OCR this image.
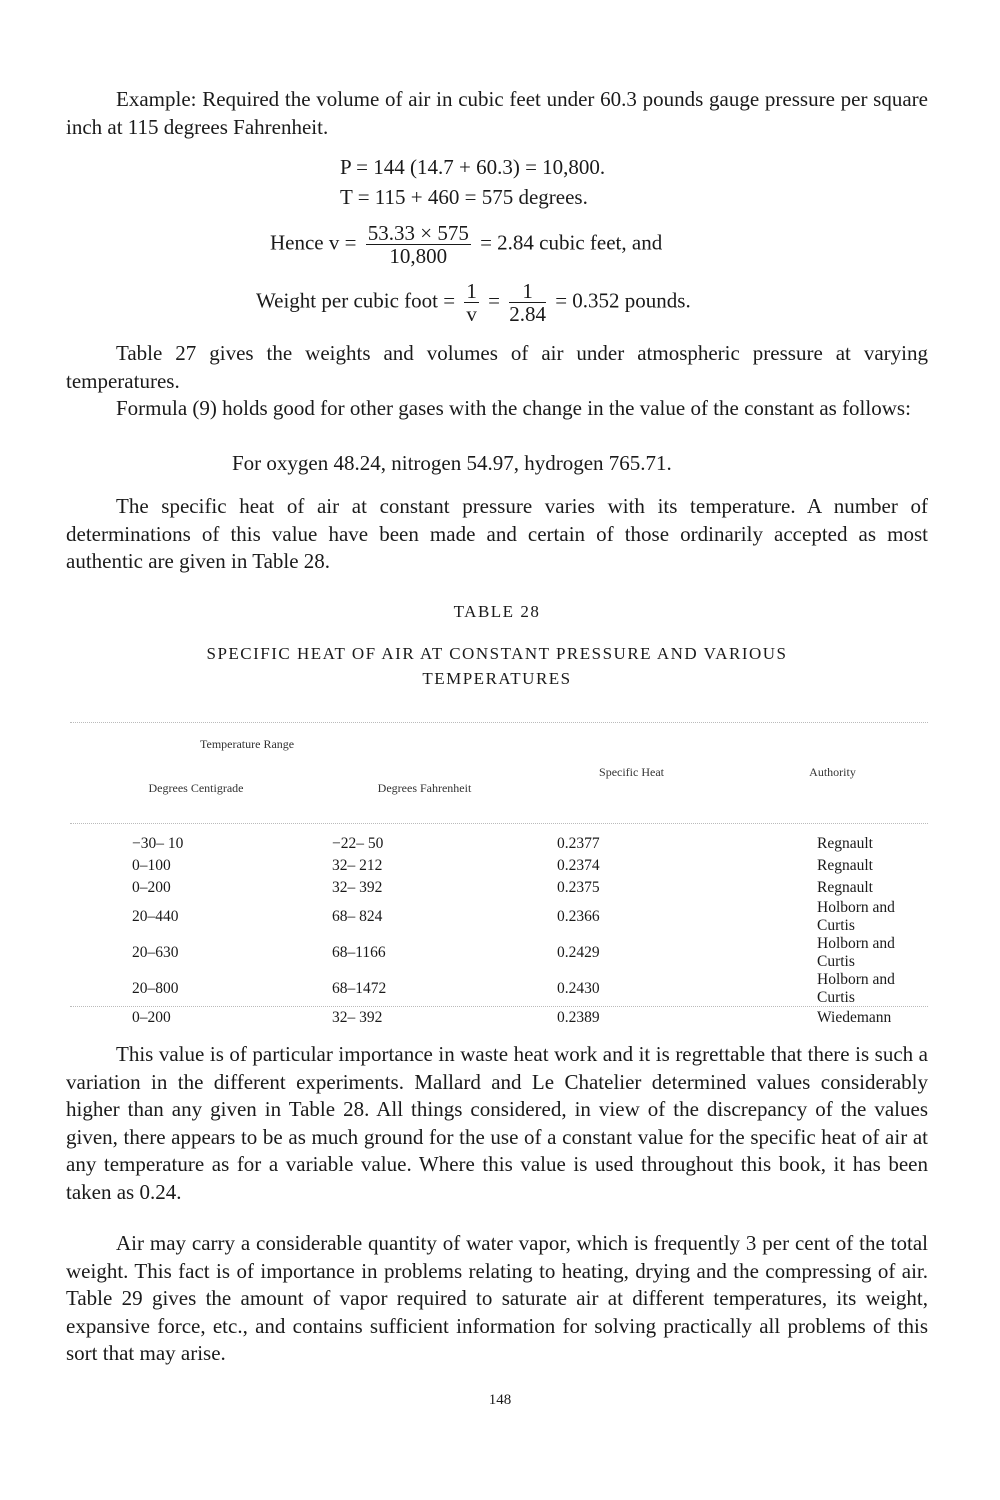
Example: Required the volume of air in cubic feet under 60.3 pounds gauge pressure per square inch at 115 degrees Fahrenheit.

P = 144 (14.7 + 60.3) = 10,800.
T = 115 + 460 = 575 degrees.
Hence $v = \frac{53.33 \times 575}{10,800} = 2.84$ cubic feet, and
Weight per cubic foot = $\frac{1}{v} = \frac{1}{2.84} = 0.352$ pounds.

Table 27 gives the weights and volumes of air under atmospheric pressure at varying temperatures.

Formula (9) holds good for other gases with the change in the value of the constant as follows:

For oxygen 48.24, nitrogen 54.97, hydrogen 765.71.

The specific heat of air at constant pressure varies with its temperature. A number of determinations of this value have been made and certain of those ordinarily accepted as most authentic are given in Table 28.

TABLE 28
SPECIFIC HEAT OF AIR AT CONSTANT PRESSURE AND VARIOUS
TEMPERATURES
Temperature Range		Specific Heat	Authority
Degrees Centigrade	Degrees Fahrenheit		

−30– 10	−22– 50	0.2377	Regnault
0–100	32– 212	0.2374	Regnault
0–200	32– 392	0.2375	Regnault
20–440	68– 824	0.2366	Holborn and Curtis
20–630	68–1166	0.2429	Holborn and Curtis
20–800	68–1472	0.2430	Holborn and Curtis
0–200	32– 392	0.2389	Wiedemann

This value is of particular importance in waste heat work and it is regrettable that there is such a variation in the different experiments. Mallard and Le Chatelier determined values considerably higher than any given in Table 28. All things considered, in view of the discrepancy of the values given, there appears to be as much ground for the use of a constant value for the specific heat of air at any temperature as for a variable value. Where this value is used throughout this book, it has been taken as 0.24.

Air may carry a considerable quantity of water vapor, which is frequently 3 per cent of the total weight. This fact is of importance in problems relating to heating, drying and the compressing of air. Table 29 gives the amount of vapor required to saturate air at different temperatures, its weight, expansive force, etc., and contains sufficient information for solving practically all problems of this sort that may arise.

148
